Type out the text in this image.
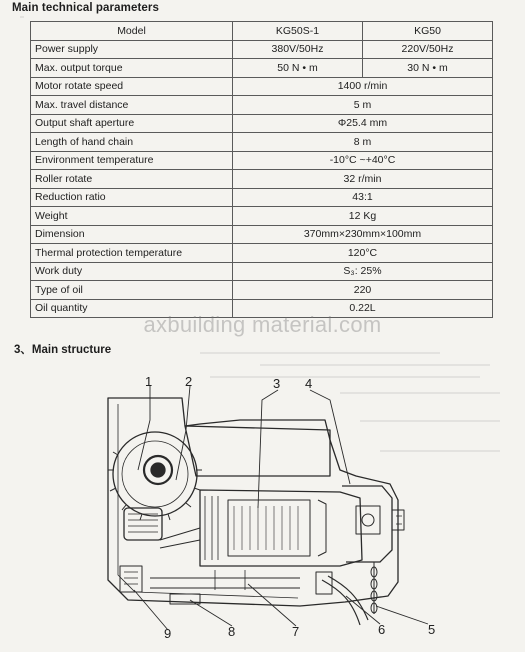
Main technical parameters
Model	KG50S-1	KG50
Power supply	380V/50Hz	220V/50Hz
Max. output torque	50 N • m	30 N • m
Motor rotate speed	1400 r/min	
Max. travel distance	5 m	
Output shaft aperture	Φ25.4 mm	
Length of hand chain	8 m	
Environment temperature	-10°C ~+40°C	
Roller rotate	32 r/min	
Reduction ratio	43:1	
Weight	12 Kg	
Dimension	370mm×230mm×100mm	
Thermal protection temperature	120°C	
Work duty	S₃: 25%	
Type of oil	220	
Oil quantity	0.22L	
axbuilding material.com
3、Main structure
1	2	3 4
5
6
7
8
9
